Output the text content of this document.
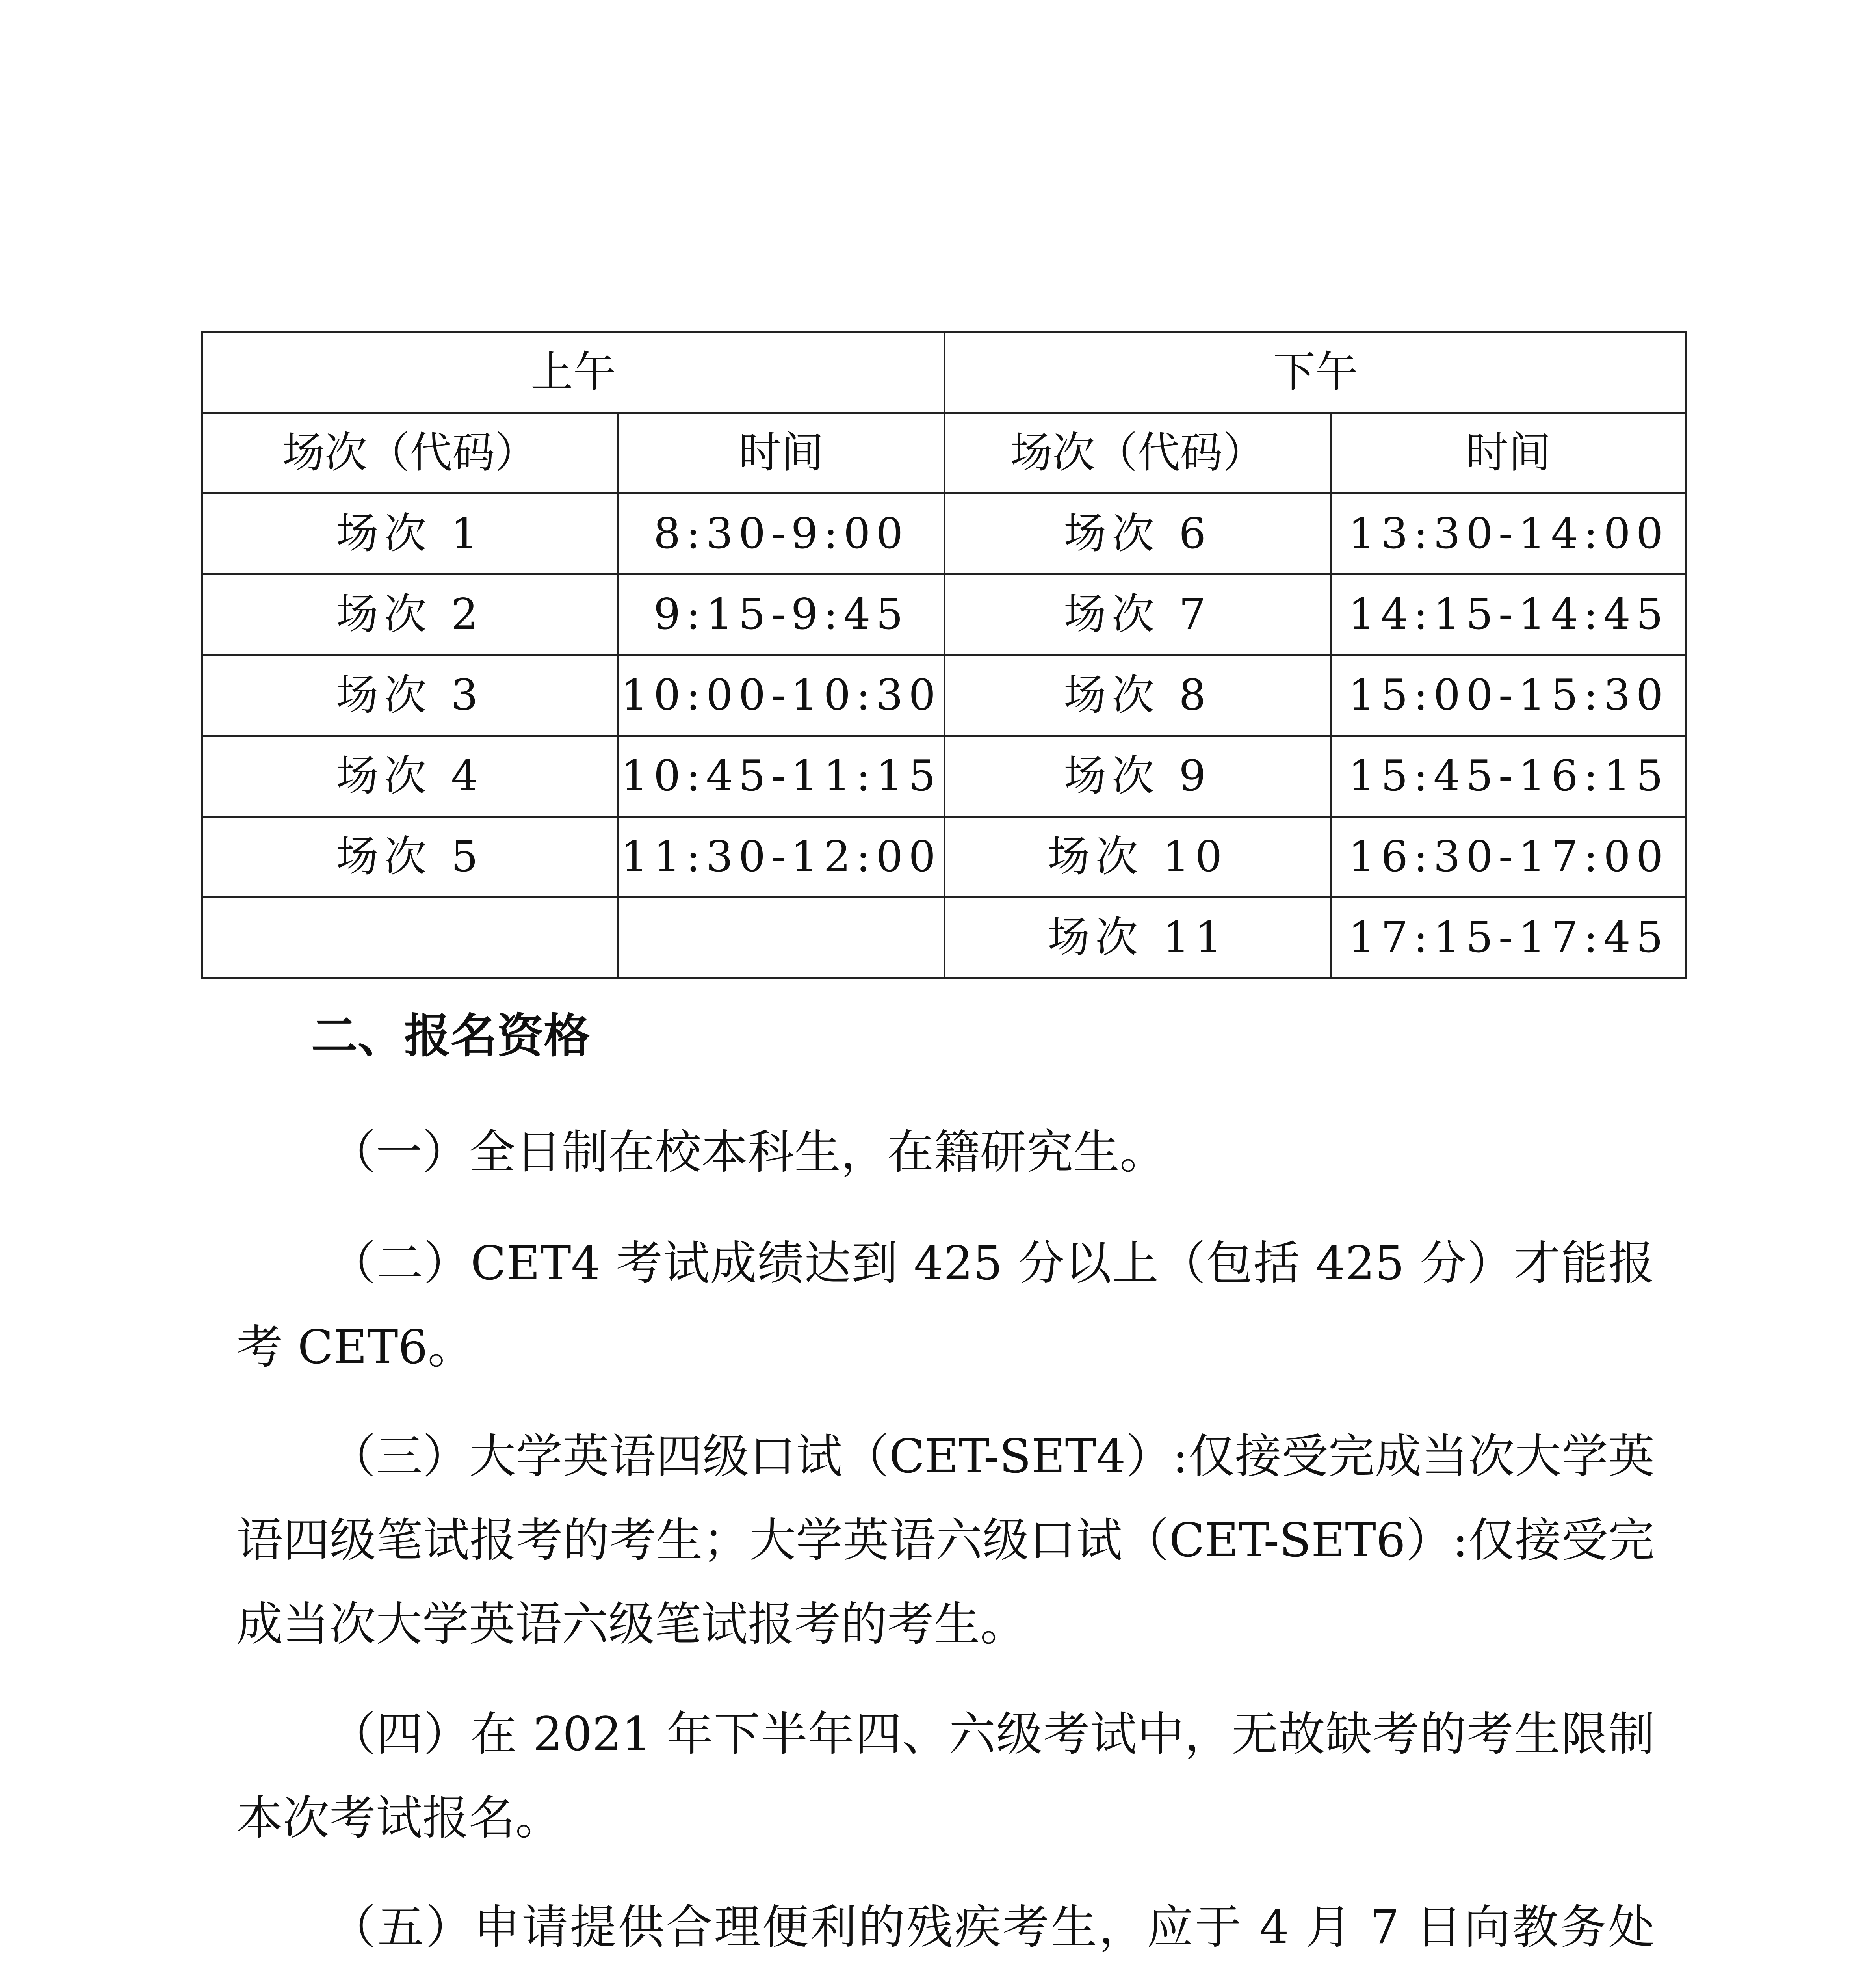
上午		下午	
场次（代码）	时间	场次（代码）	时间
场次 1	8:30-9:00	场次 6	13:30-14:00
场次 2	9:15-9:45	场次 7	14:15-14:45
场次 3	10:00-10:30	场次 8	15:00-15:30
场次 4	10:45-11:15	场次 9	15:45-16:15
场次 5	11:30-12:00	场次 10	16:30-17:00
		场次 11	17:15-17:45
二、报名资格

（一）全日制在校本科生，在籍研究生。

（二）CET4 考试成绩达到 425 分以上（包括 425 分）才能报考 CET6。

（三）大学英语四级口试（CET-SET4）:仅接受完成当次大学英语四级笔试报考的考生；大学英语六级口试（CET-SET6）:仅接受完成当次大学英语六级笔试报考的考生。

（四）在 2021 年下半年四、六级考试中，无故缺考的考生限制本次考试报名。

（五）申请提供合理便利的残疾考生，应于 4 月 7 日向教务处
